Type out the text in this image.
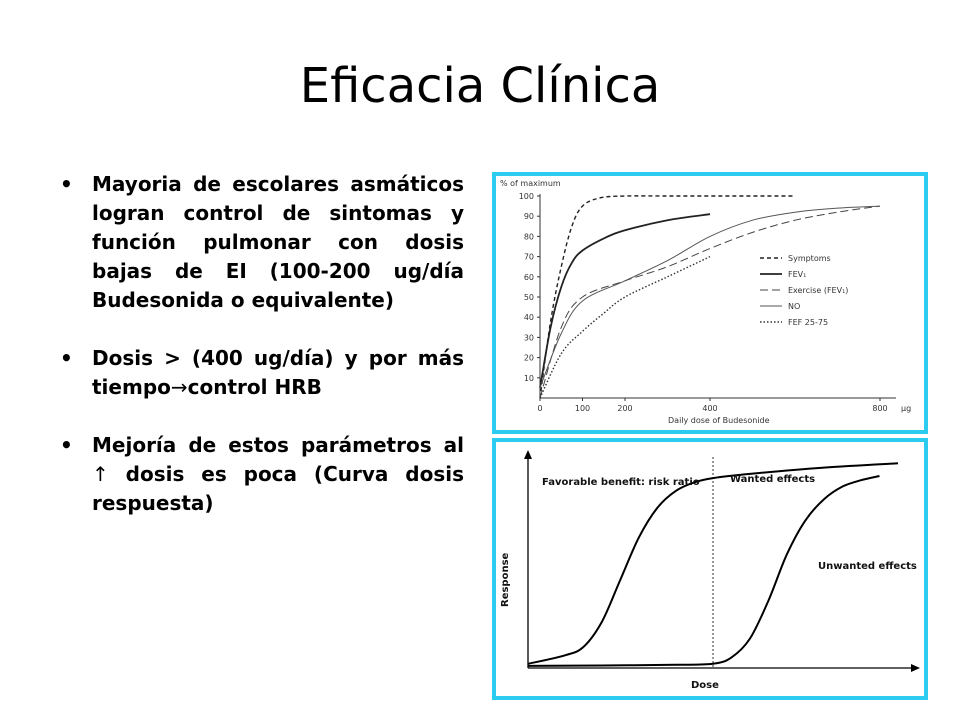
Eficacia Clínica
• Mayoria de escolares asmáticos logran control de sintomas y función pulmonar con dosis bajas de EI (100-200 ug/día Budesonida o equivalente)
• Dosis > (400 ug/día) y por más tiempo→control HRB
• Mejoría de estos parámetros al ↑ dosis es poca (Curva dosis respuesta)
% of maximum
10
20
30
40
50
60
70
80
90
100
0	100	200	400	800 µg
Daily dose of Budesonide
Symptoms
FEV₁
Exercise (FEV₁)
NO
FEF 25-75
Dose
Response
Favorable benefit: risk ratio	Wanted effects
Unwanted effects
